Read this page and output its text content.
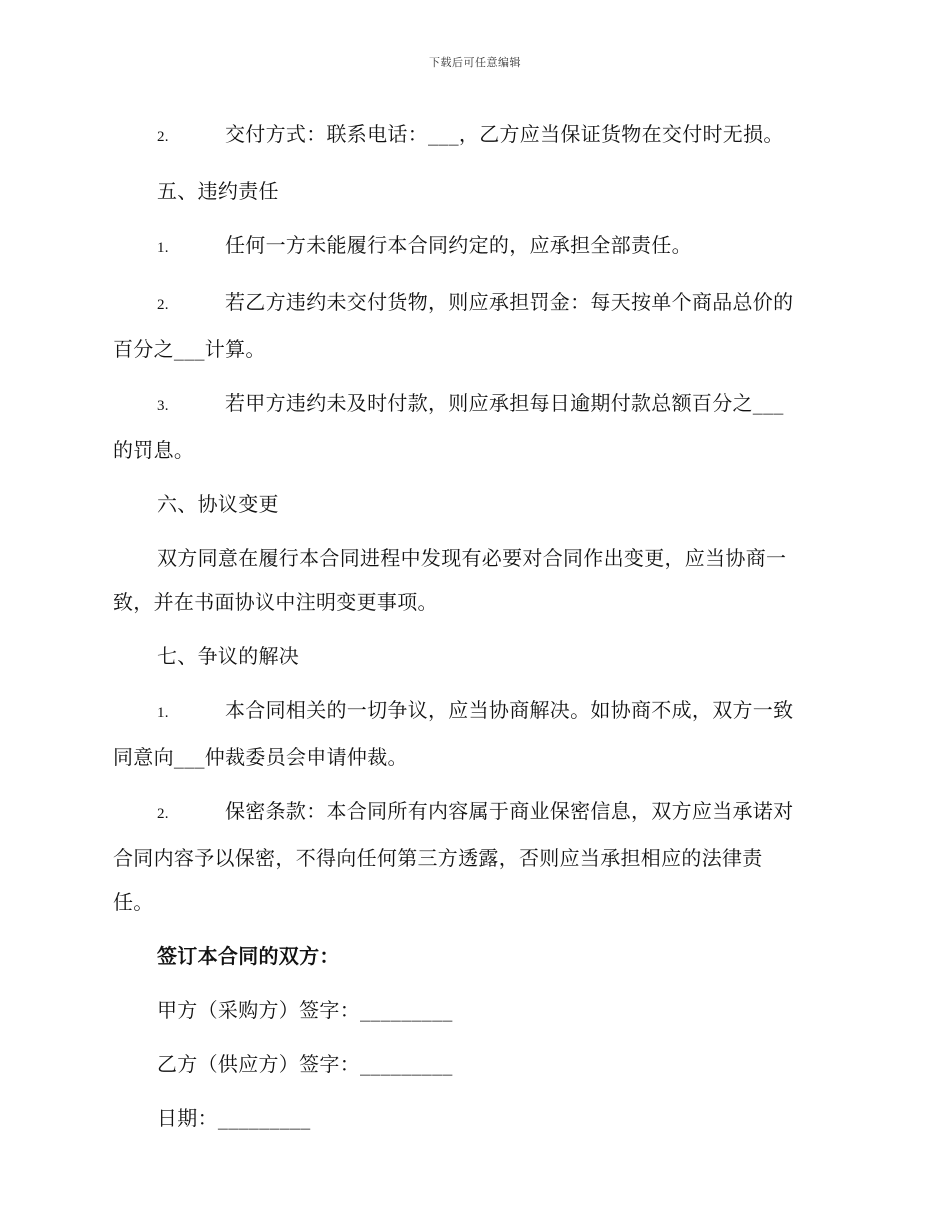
下载后可任意编辑
2.	交付方式：联系电话：___，乙方应当保证货物在交付时无损。
五、违约责任
1.	任何一方未能履行本合同约定的，应承担全部责任。
2.	若乙方违约未交付货物，则应承担罚金：每天按单个商品总价的
百分之___计算。
3.	若甲方违约未及时付款，则应承担每日逾期付款总额百分之___
的罚息。
六、协议变更
双方同意在履行本合同进程中发现有必要对合同作出变更，应当协商一
致，并在书面协议中注明变更事项。
七、争议的解决
1.	本合同相关的一切争议，应当协商解决。如协商不成，双方一致
同意向___仲裁委员会申请仲裁。
2.	保密条款：本合同所有内容属于商业保密信息，双方应当承诺对
合同内容予以保密，不得向任何第三方透露，否则应当承担相应的法律责
任。
签订本合同的双方：
甲方（采购方）签字：_________
乙方（供应方）签字：_________
日期：_________
